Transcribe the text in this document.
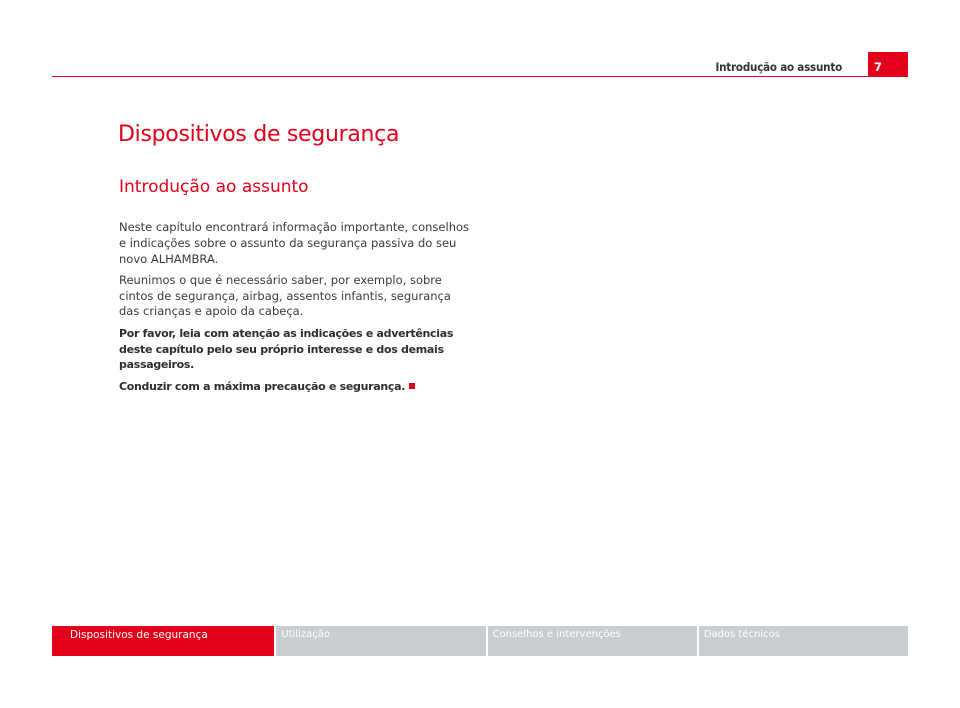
Introdução ao assunto	7
Dispositivos de segurança
Introdução ao assunto

Neste capítulo encontrará informação importante, conselhos e indicações sobre o assunto da segurança passiva do seu novo ALHAMBRA.

Reunimos o que é necessário saber, por exemplo, sobre cintos de segurança, airbag, assentos infantis, segurança das crianças e apoio da cabeça.

Por favor, leia com atenção as indicações e advertências deste capítulo pelo seu próprio interesse e dos demais passageiros.

Conduzir com a máxima precaução e segurança.

Dispositivos de segurança	Utilização	Conselhos e intervenções	Dados técnicos
